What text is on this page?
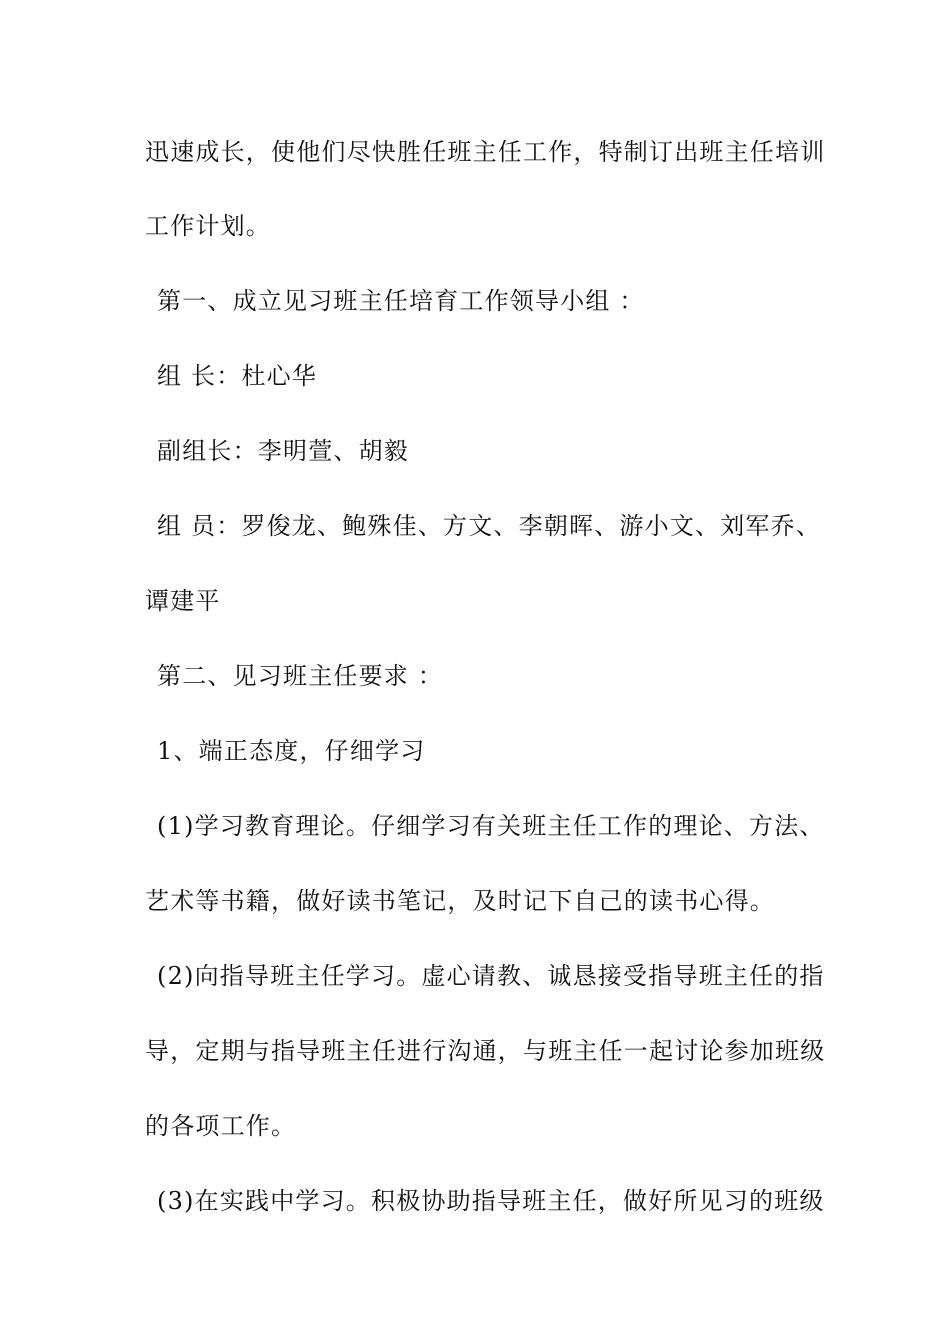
迅速成长，使他们尽快胜任班主任工作，特制订出班主任培训
工作计划。
第一、成立见习班主任培育工作领导小组 ：
组 长：杜心华
副组长：李明萱、胡毅
组 员：罗俊龙、鲍殊佳、方文、李朝晖、游小文、刘军乔、
谭建平
第二、见习班主任要求 ：
1、端正态度，仔细学习
(1)学习教育理论。仔细学习有关班主任工作的理论、方法、
艺术等书籍，做好读书笔记，及时记下自己的读书心得。
(2)向指导班主任学习。虚心请教、诚恳接受指导班主任的指
导，定期与指导班主任进行沟通，与班主任一起讨论参加班级
的各项工作。
(3)在实践中学习。积极协助指导班主任，做好所见习的班级
